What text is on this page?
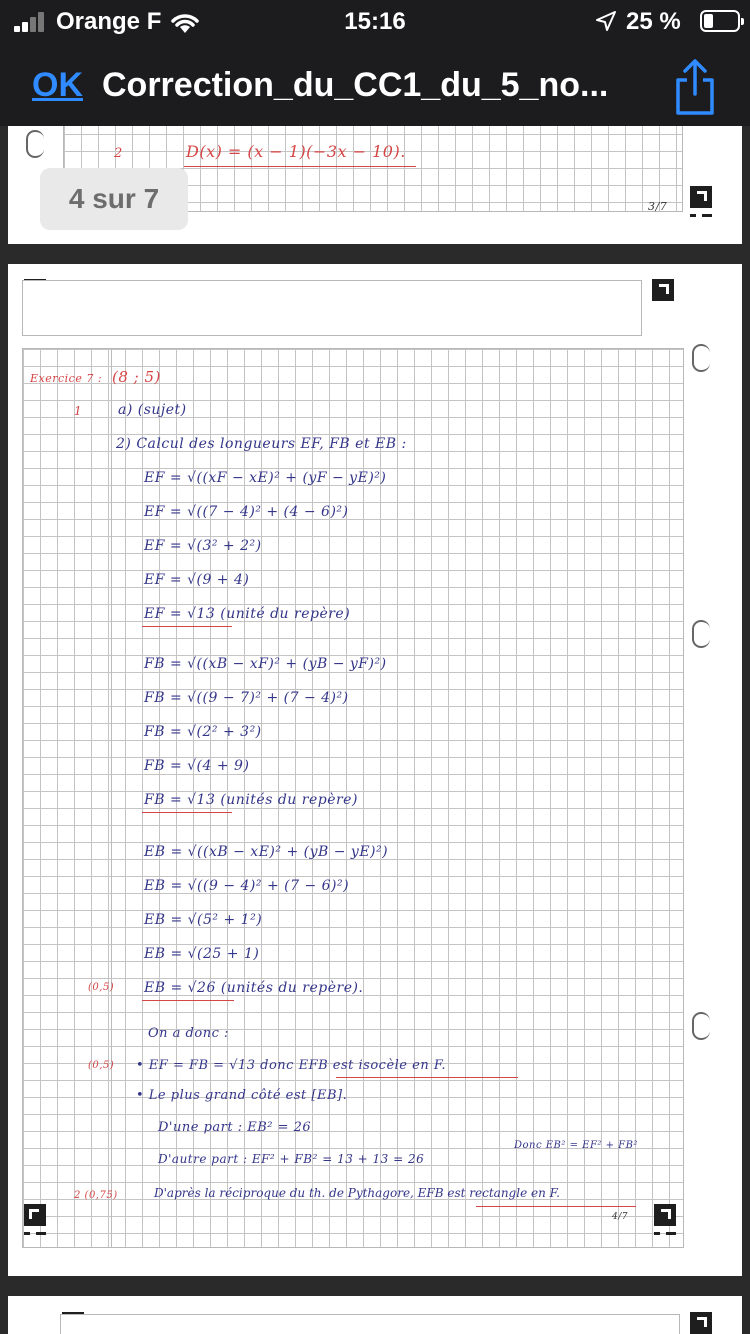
Orange F	15:16	25 %
OK Correction_du_CC1_du_5_no...
2	D(x) = (x − 1)(−3x − 10).
3/7
Exercice 7 : (8 ; 5)
1	a) (sujet)
2) Calcul des longueurs EF, FB et EB :
EF = √((xF − xE)² + (yF − yE)²)
EF = √((7 − 4)² + (4 − 6)²)
EF = √(3² + 2²)
EF = √(9 + 4)
EF = √13 (unité du repère)
FB = √((xB − xF)² + (yB − yF)²)
FB = √((9 − 7)² + (7 − 4)²)
FB = √(2² + 3²)
FB = √(4 + 9)
FB = √13 (unités du repère)
EB = √((xB − xE)² + (yB − yE)²)
EB = √((9 − 4)² + (7 − 6)²)
EB = √(5² + 1²)
EB = √(25 + 1)
(0,5) EB = √26 (unités du repère).
On a donc :
(0,5) • EF = FB = √13 donc EFB est isocèle en F.
• Le plus grand côté est [EB].
D'une part : EB² = 26
D'autre part : EF² + FB² = 13 + 13 = 26
Donc EB² = EF² + FB²
2 (0,75)	D'après la réciproque du th. de Pythagore, EFB est rectangle en F.
4/7
4 sur 7
